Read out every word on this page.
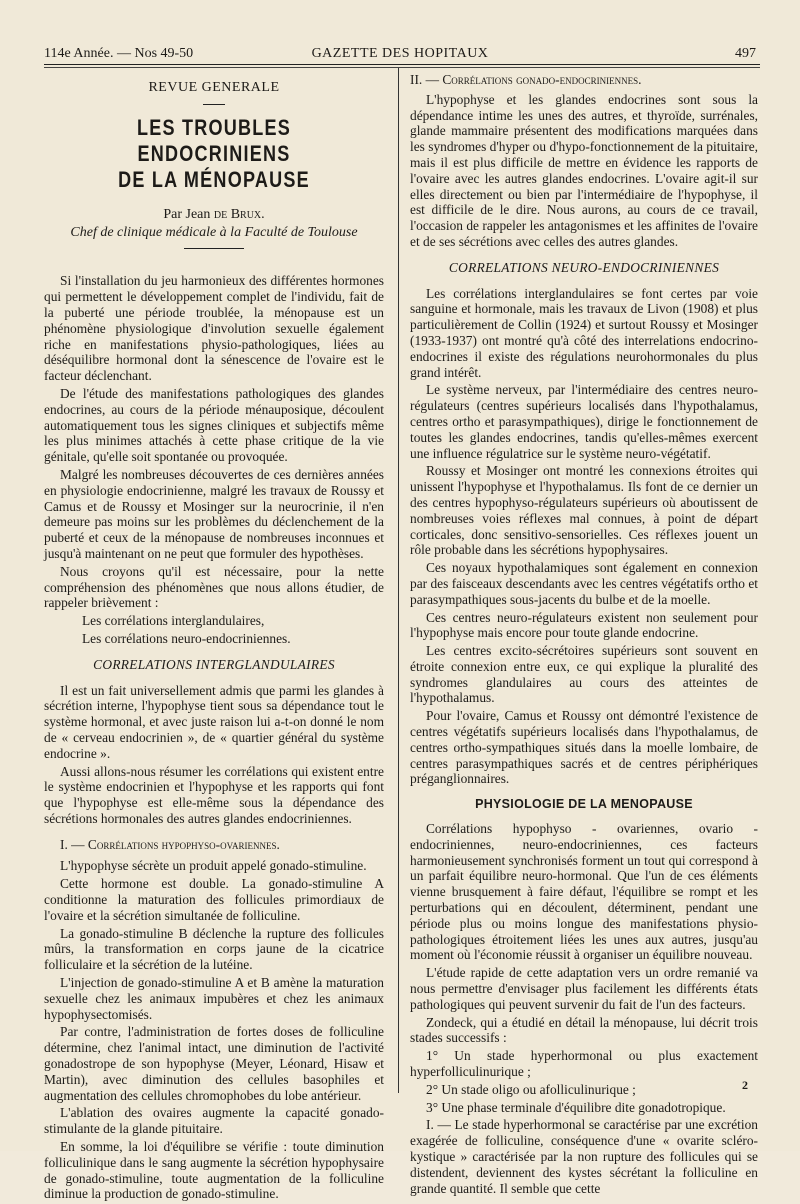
114e Année. — Nos 49-50	GAZETTE DES HOPITAUX	497
REVUE GENERALE
LES TROUBLES ENDOCRINIENS
DE LA MÉNOPAUSE
Par Jean de Brux.
Chef de clinique médicale à la Faculté de Toulouse

Si l'installation du jeu harmonieux des différentes hormones qui permettent le développement complet de l'individu, fait de la puberté une période troublée, la ménopause est un phénomène physiologique d'involution sexuelle également riche en manifestations physio-pathologiques, liées au déséquilibre hormonal dont la sénescence de l'ovaire est le facteur déclenchant.

De l'étude des manifestations pathologiques des glandes endocrines, au cours de la période ménauposique, découlent automatiquement tous les signes cliniques et subjectifs même les plus minimes attachés à cette phase critique de la vie génitale, qu'elle soit spontanée ou provoquée.

Malgré les nombreuses découvertes de ces dernières années en physiologie endocrinienne, malgré les travaux de Roussy et Camus et de Roussy et Mosinger sur la neurocrinie, il n'en demeure pas moins sur les problèmes du déclenchement de la puberté et ceux de la ménopause de nombreuses inconnues et jusqu'à maintenant on ne peut que formuler des hypothèses.

Nous croyons qu'il est nécessaire, pour la nette compréhension des phénomènes que nous allons étudier, de rappeler brièvement :

Les corrélations interglandulaires,

Les corrélations neuro-endocriniennes.

CORRELATIONS INTERGLANDULAIRES

Il est un fait universellement admis que parmi les glandes à sécrétion interne, l'hypophyse tient sous sa dépendance tout le système hormonal, et avec juste raison lui a-t-on donné le nom de « cerveau endocrinien », de « quartier général du système endocrine ».

Aussi allons-nous résumer les corrélations qui existent entre le système endocrinien et l'hypophyse et les rapports qui font que l'hypophyse est elle-même sous la dépendance des sécrétions hormonales des autres glandes endocriniennes.

I. — Corrélations hypophyso-ovariennes.

L'hypophyse sécrète un produit appelé gonado-stimuline.

Cette hormone est double. La gonado-stimuline A conditionne la maturation des follicules primordiaux de l'ovaire et la sécrétion simultanée de folliculine.

La gonado-stimuline B déclenche la rupture des follicules mûrs, la transformation en corps jaune de la cicatrice folliculaire et la sécrétion de la lutéine.

L'injection de gonado-stimuline A et B amène la maturation sexuelle chez les animaux impubères et chez les animaux hypophysectomisés.

Par contre, l'administration de fortes doses de folliculine détermine, chez l'animal intact, une diminution de l'activité gonadostrope de son hypophyse (Meyer, Léonard, Hisaw et Martin), avec diminution des cellules basophiles et augmentation des cellules chromophobes du lobe antérieur.

L'ablation des ovaires augmente la capacité gonado-stimulante de la glande pituitaire.

En somme, la loi d'équilibre se vérifie : toute diminution folliculinique dans le sang augmente la sécrétion hypophysaire de gonado-stimuline, toute augmentation de la folliculine diminue la production de gonado-stimuline.

II. — Corrélations gonado-endocriniennes.

L'hypophyse et les glandes endocrines sont sous la dépendance intime les unes des autres, et thyroïde, surrénales, glande mammaire présentent des modifications marquées dans les syndromes d'hyper ou d'hypo-fonctionnement de la pituitaire, mais il est plus difficile de mettre en évidence les rapports de l'ovaire avec les autres glandes endocrines. L'ovaire agit-il sur elles directement ou bien par l'intermédiaire de l'hypophyse, il est difficile de le dire. Nous aurons, au cours de ce travail, l'occasion de rappeler les antagonismes et les affinites de l'ovaire et de ses sécrétions avec celles des autres glandes.

CORRELATIONS NEURO-ENDOCRINIENNES

Les corrélations interglandulaires se font certes par voie sanguine et hormonale, mais les travaux de Livon (1908) et plus particulièrement de Collin (1924) et surtout Roussy et Mosinger (1933-1937) ont montré qu'à côté des interrelations endocrino-endocrines il existe des régulations neurohormonales du plus grand intérêt.

Le système nerveux, par l'intermédiaire des centres neuro-régulateurs (centres supérieurs localisés dans l'hypothalamus, centres ortho et parasympathiques), dirige le fonctionnement de toutes les glandes endocrines, tandis qu'elles-mêmes exercent une influence régulatrice sur le système neuro-végétatif.

Roussy et Mosinger ont montré les connexions étroites qui unissent l'hypophyse et l'hypothalamus. Ils font de ce dernier un des centres hypophyso-régulateurs supérieurs où aboutissent de nombreuses voies réflexes mal connues, à point de départ corticales, donc sensitivo-sensorielles. Ces réflexes jouent un rôle probable dans les sécrétions hypophysaires.

Ces noyaux hypothalamiques sont également en connexion par des faisceaux descendants avec les centres végétatifs ortho et parasympathiques sous-jacents du bulbe et de la moelle.

Ces centres neuro-régulateurs existent non seulement pour l'hypophyse mais encore pour toute glande endocrine.

Les centres excito-sécrétoires supérieurs sont souvent en étroite connexion entre eux, ce qui explique la pluralité des syndromes glandulaires au cours des atteintes de l'hypothalamus.

Pour l'ovaire, Camus et Roussy ont démontré l'existence de centres végétatifs supérieurs localisés dans l'hypothalamus, de centres ortho-sympathiques situés dans la moelle lombaire, de centres parasympathiques sacrés et de centres périphériques préganglionnaires.

PHYSIOLOGIE DE LA MENOPAUSE

Corrélations hypophyso - ovariennes, ovario - endocriniennes, neuro-endocriniennes, ces facteurs harmonieusement synchronisés forment un tout qui correspond à un parfait équilibre neuro-hormonal. Que l'un de ces éléments vienne brusquement à faire défaut, l'équilibre se rompt et les perturbations qui en découlent, déterminent, pendant une période plus ou moins longue des manifestations physio-pathologiques étroitement liées les unes aux autres, jusqu'au moment où l'économie réussit à organiser un équilibre nouveau.

L'étude rapide de cette adaptation vers un ordre remanié va nous permettre d'envisager plus facilement les différents états pathologiques qui peuvent survenir du fait de l'un des facteurs.

Zondeck, qui a étudié en détail la ménopause, lui décrit trois stades successifs :

1° Un stade hyperhormonal ou plus exactement hyperfolliculinurique ;

2° Un stade oligo ou afolliculinurique ;

3° Une phase terminale d'équilibre dite gonadotropique.

I. — Le stade hyperhormonal se caractérise par une excrétion exagérée de folliculine, conséquence d'une « ovarite scléro-kystique » caractérisée par la non rupture des follicules qui se distendent, deviennent des kystes sécrétant la folliculine en grande quantité. Il semble que cette

2
